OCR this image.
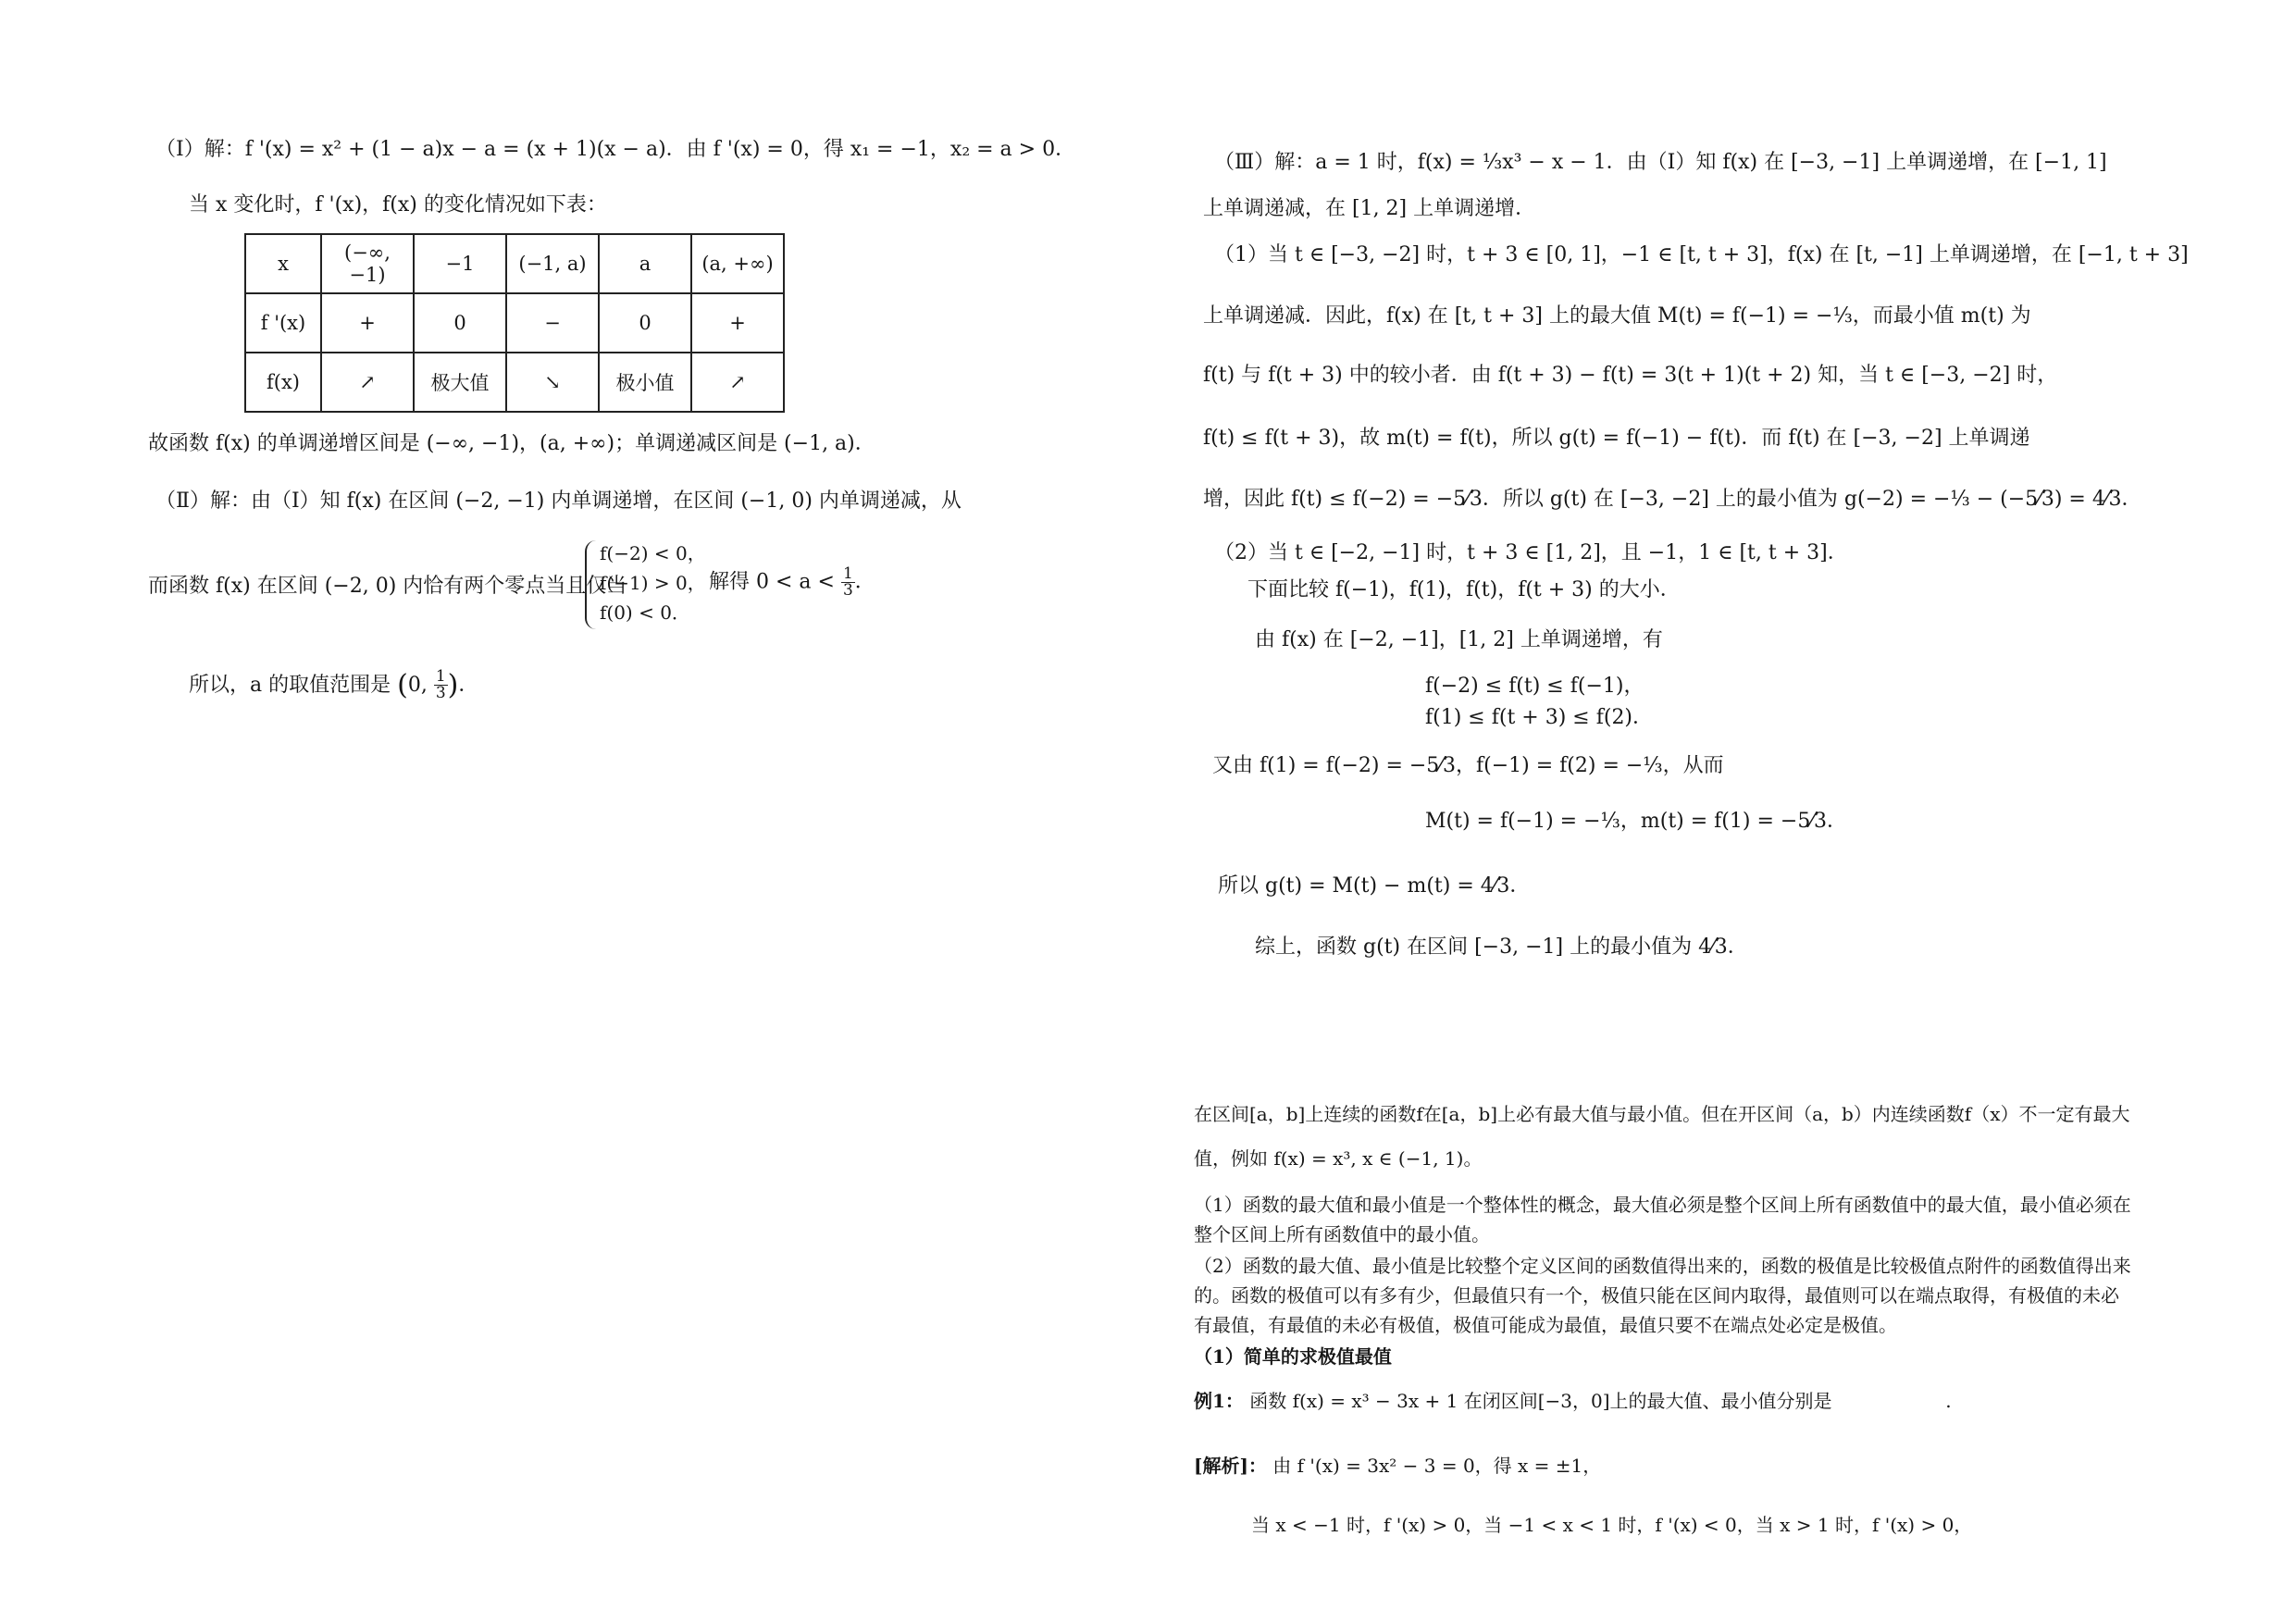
（Ⅰ）解：f '(x) = x² + (1 − a)x − a = (x + 1)(x − a)．由 f '(x) = 0，得 x₁ = −1，x₂ = a > 0．
当 x 变化时，f '(x)，f(x) 的变化情况如下表：
x	(−∞, −1)	−1	(−1, a)	a	(a, +∞)
f '(x)	+	0	−	0	+
f(x)	↗	极大值	↘	极小值	↗
故函数 f(x) 的单调递增区间是 (−∞, −1)，(a, +∞)；单调递减区间是 (−1, a)．
（Ⅱ）解：由（Ⅰ）知 f(x) 在区间 (−2, −1) 内单调递增，在区间 (−1, 0) 内单调递减，从
而函数 f(x) 在区间 (−2, 0) 内恰有两个零点当且仅当
f(−2) < 0，
f(−1) > 0，
f(0) < 0．
解得 $0 < a < \frac{1}{3}$ ．
所以，a 的取值范围是 (0, $\frac{1}{3}$ )．
（Ⅲ）解：a = 1 时，f(x) = ⅓x³ − x − 1．由（Ⅰ）知 f(x) 在 [−3, −1] 上单调递增，在 [−1, 1]
上单调递减，在 [1, 2] 上单调递增．
（1）当 t ∈ [−3, −2] 时，t + 3 ∈ [0, 1]，−1 ∈ [t, t + 3]，f(x) 在 [t, −1] 上单调递增，在 [−1, t + 3]
上单调递减．因此，f(x) 在 [t, t + 3] 上的最大值 M(t) = f(−1) = −⅓，而最小值 m(t) 为
f(t) 与 f(t + 3) 中的较小者．由 f(t + 3) − f(t) = 3(t + 1)(t + 2) 知，当 t ∈ [−3, −2] 时，
f(t) ≤ f(t + 3)，故 m(t) = f(t)，所以 g(t) = f(−1) − f(t)．而 f(t) 在 [−3, −2] 上单调递
增，因此 f(t) ≤ f(−2) = −5⁄3．所以 g(t) 在 [−3, −2] 上的最小值为 g(−2) = −⅓ − (−5⁄3) = 4⁄3．
（2）当 t ∈ [−2, −1] 时，t + 3 ∈ [1, 2]，且 −1，1 ∈ [t, t + 3]．
下面比较 f(−1)，f(1)，f(t)，f(t + 3) 的大小．
由 f(x) 在 [−2, −1]，[1, 2] 上单调递增，有
f(−2) ≤ f(t) ≤ f(−1)，
f(1) ≤ f(t + 3) ≤ f(2)．
又由 f(1) = f(−2) = −5⁄3，f(−1) = f(2) = −⅓，从而
M(t) = f(−1) = −⅓，m(t) = f(1) = −5⁄3．
所以 g(t) = M(t) − m(t) = 4⁄3．
综上，函数 g(t) 在区间 [−3, −1] 上的最小值为 4⁄3．
在区间[a，b]上连续的函数f在[a，b]上必有最大值与最小值。但在开区间（a，b）内连续函数f（x）不一定有最大
值，例如 f(x) = x³, x ∈ (−1, 1)。
（1）函数的最大值和最小值是一个整体性的概念，最大值必须是整个区间上所有函数值中的最大值，最小值必须在
整个区间上所有函数值中的最小值。
（2）函数的最大值、最小值是比较整个定义区间的函数值得出来的，函数的极值是比较极值点附件的函数值得出来
的。函数的极值可以有多有少，但最值只有一个，极值只能在区间内取得，最值则可以在端点取得，有极值的未必
有最值，有最值的未必有极值，极值可能成为最值，最值只要不在端点处必定是极值。
（1）简单的求极值最值
例1： 函数 f(x) = x³ − 3x + 1 在闭区间[−3，0]上的最大值、最小值分别是	.
[解析]： 由 f '(x) = 3x² − 3 = 0，得 x = ±1，
当 x < −1 时，f '(x) > 0，当 −1 < x < 1 时，f '(x) < 0，当 x > 1 时，f '(x) > 0，
